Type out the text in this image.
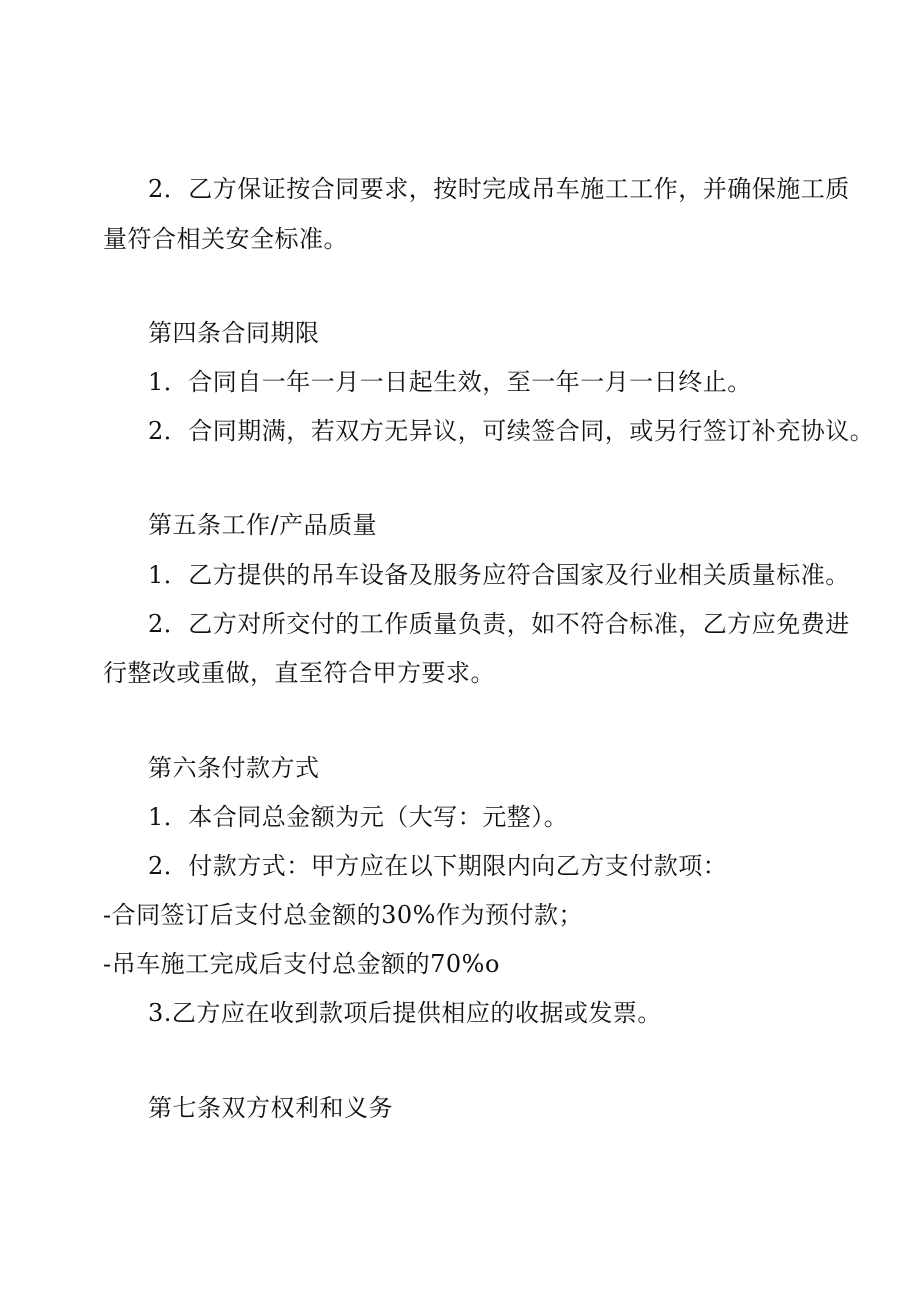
2．乙方保证按合同要求，按时完成吊车施工工作，并确保施工质
量符合相关安全标准。
第四条合同期限
1．合同自一年一月一日起生效，至一年一月一日终止。
2．合同期满，若双方无异议，可续签合同，或另行签订补充协议。
第五条工作/产品质量
1．乙方提供的吊车设备及服务应符合国家及行业相关质量标准。
2．乙方对所交付的工作质量负责，如不符合标准，乙方应免费进
行整改或重做，直至符合甲方要求。
第六条付款方式
1．本合同总金额为元（大写：元整）。
2．付款方式：甲方应在以下期限内向乙方支付款项：
-合同签订后支付总金额的30%作为预付款；
-吊车施工完成后支付总金额的70%o
3.乙方应在收到款项后提供相应的收据或发票。
第七条双方权利和义务
